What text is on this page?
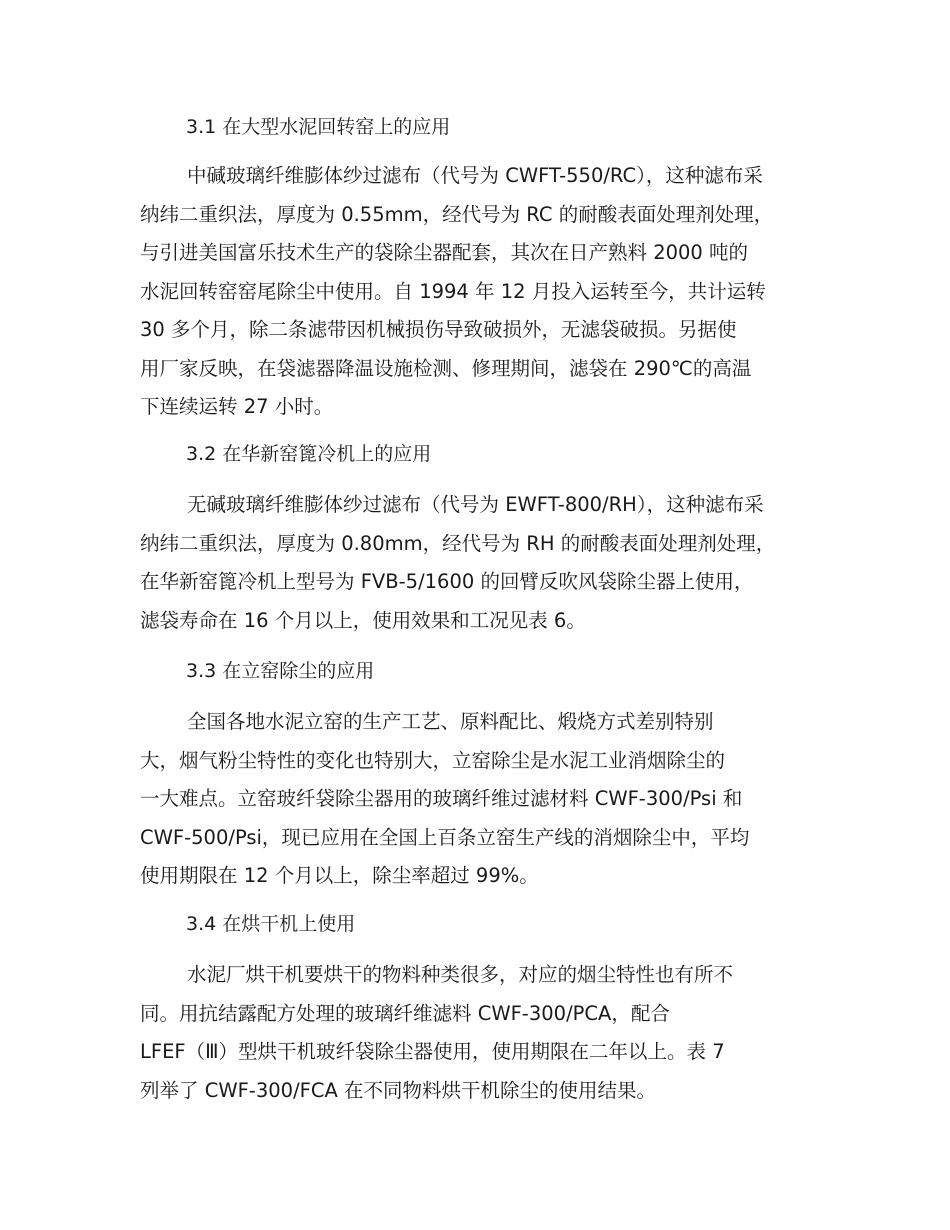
3.1 在大型水泥回转窑上的应用
中碱玻璃纤维膨体纱过滤布（代号为 CWFT-550/RC），这种滤布采
纳纬二重织法，厚度为 0.55mm，经代号为 RC 的耐酸表面处理剂处理，
与引进美国富乐技术生产的袋除尘器配套，其次在日产熟料 2000 吨的
水泥回转窑窑尾除尘中使用。自 1994 年 12 月投入运转至今，共计运转
30 多个月，除二条滤带因机械损伤导致破损外，无滤袋破损。另据使
用厂家反映，在袋滤器降温设施检测、修理期间，滤袋在 290℃的高温
下连续运转 27 小时。
3.2 在华新窑篦冷机上的应用
无碱玻璃纤维膨体纱过滤布（代号为 EWFT-800/RH），这种滤布采
纳纬二重织法，厚度为 0.80mm，经代号为 RH 的耐酸表面处理剂处理，
在华新窑篦冷机上型号为 FVB-5/1600 的回臂反吹风袋除尘器上使用，
滤袋寿命在 16 个月以上，使用效果和工况见表 6。
3.3 在立窑除尘的应用
全国各地水泥立窑的生产工艺、原料配比、煅烧方式差别特别
大，烟气粉尘特性的变化也特别大，立窑除尘是水泥工业消烟除尘的
一大难点。立窑玻纤袋除尘器用的玻璃纤维过滤材料 CWF-300/Psi 和
CWF-500/Psi，现已应用在全国上百条立窑生产线的消烟除尘中，平均
使用期限在 12 个月以上，除尘率超过 99%。
3.4 在烘干机上使用
水泥厂烘干机要烘干的物料种类很多，对应的烟尘特性也有所不
同。用抗结露配方处理的玻璃纤维滤料 CWF-300/PCA，配合
LFEF（Ⅲ）型烘干机玻纤袋除尘器使用，使用期限在二年以上。表 7
列举了 CWF-300/FCA 在不同物料烘干机除尘的使用结果。
